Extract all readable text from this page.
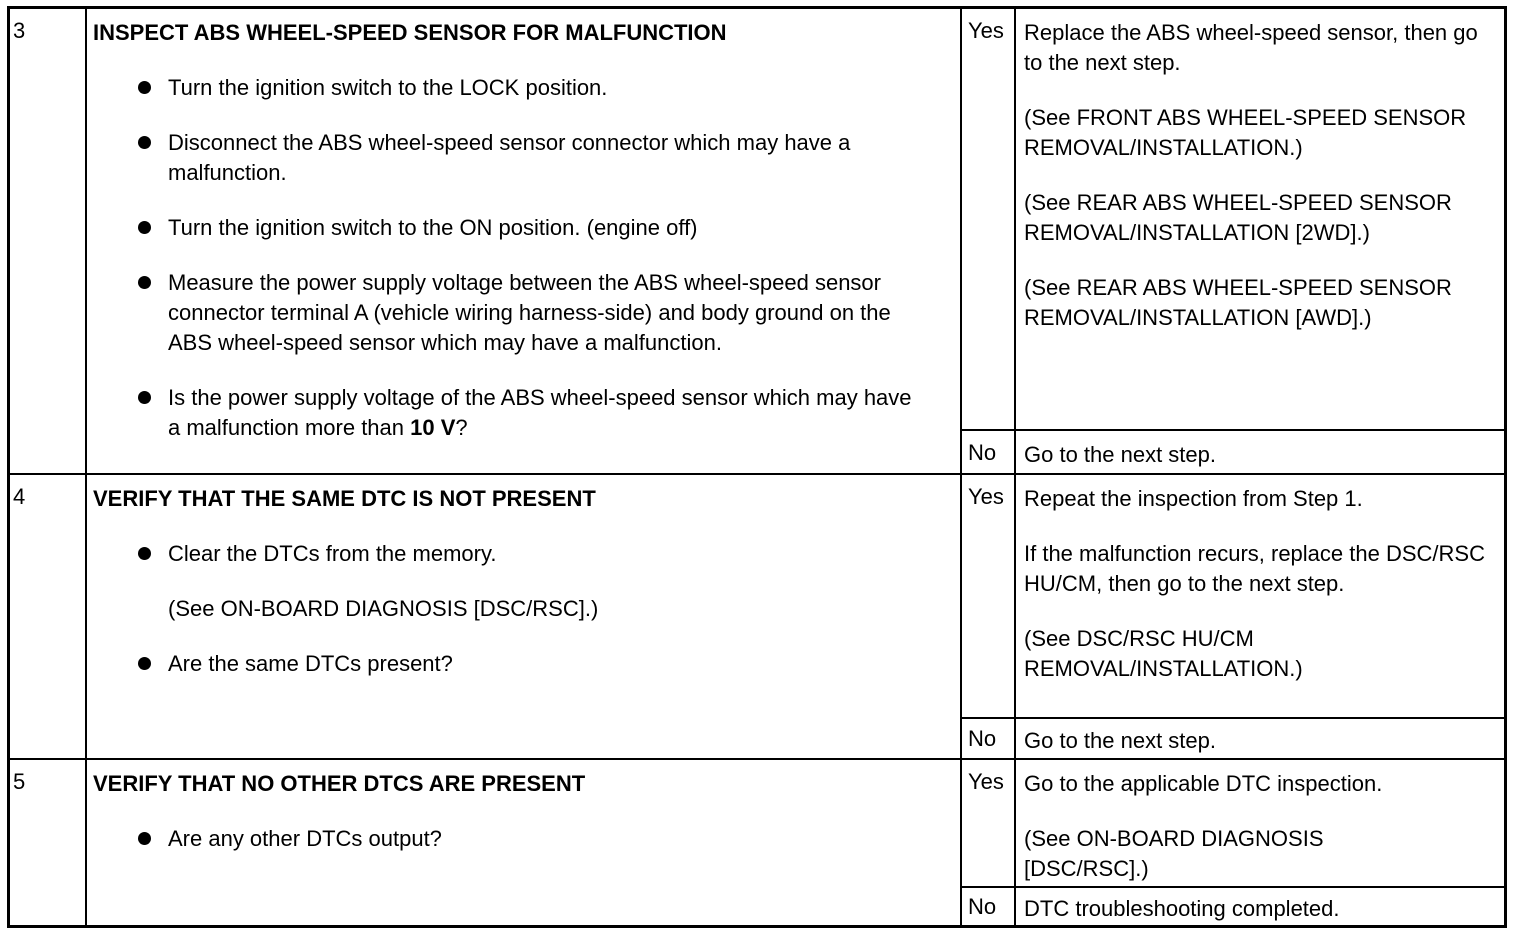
3	INSPECT ABS WHEEL-SPEED SENSOR FOR MALFUNCTION
Turn the ignition switch to the LOCK position.
Disconnect the ABS wheel-speed sensor connector which may have a malfunction.
Turn the ignition switch to the ON position. (engine off)
Measure the power supply voltage between the ABS wheel-speed sensor connector terminal A (vehicle wiring harness-side) and body ground on the ABS wheel-speed sensor which may have a malfunction.
Is the power supply voltage of the ABS wheel-speed sensor which may have a malfunction more than 10 V?
Yes Replace the ABS wheel-speed sensor, then go to the next step.
(See FRONT ABS WHEEL-SPEED SENSOR REMOVAL/INSTALLATION.)
(See REAR ABS WHEEL-SPEED SENSOR REMOVAL/INSTALLATION [2WD].)
(See REAR ABS WHEEL-SPEED SENSOR REMOVAL/INSTALLATION [AWD].)
No	Go to the next step.
4	VERIFY THAT THE SAME DTC IS NOT PRESENT
Clear the DTCs from the memory.
(See ON-BOARD DIAGNOSIS [DSC/RSC].)
Are the same DTCs present?
Yes Repeat the inspection from Step 1.
If the malfunction recurs, replace the DSC/RSC HU/CM, then go to the next step.
(See DSC/RSC HU/CM REMOVAL/INSTALLATION.)
No	Go to the next step.
5	VERIFY THAT NO OTHER DTCS ARE PRESENT
Are any other DTCs output?
Yes Go to the applicable DTC inspection.
(See ON-BOARD DIAGNOSIS [DSC/RSC].)
No	DTC troubleshooting completed.
